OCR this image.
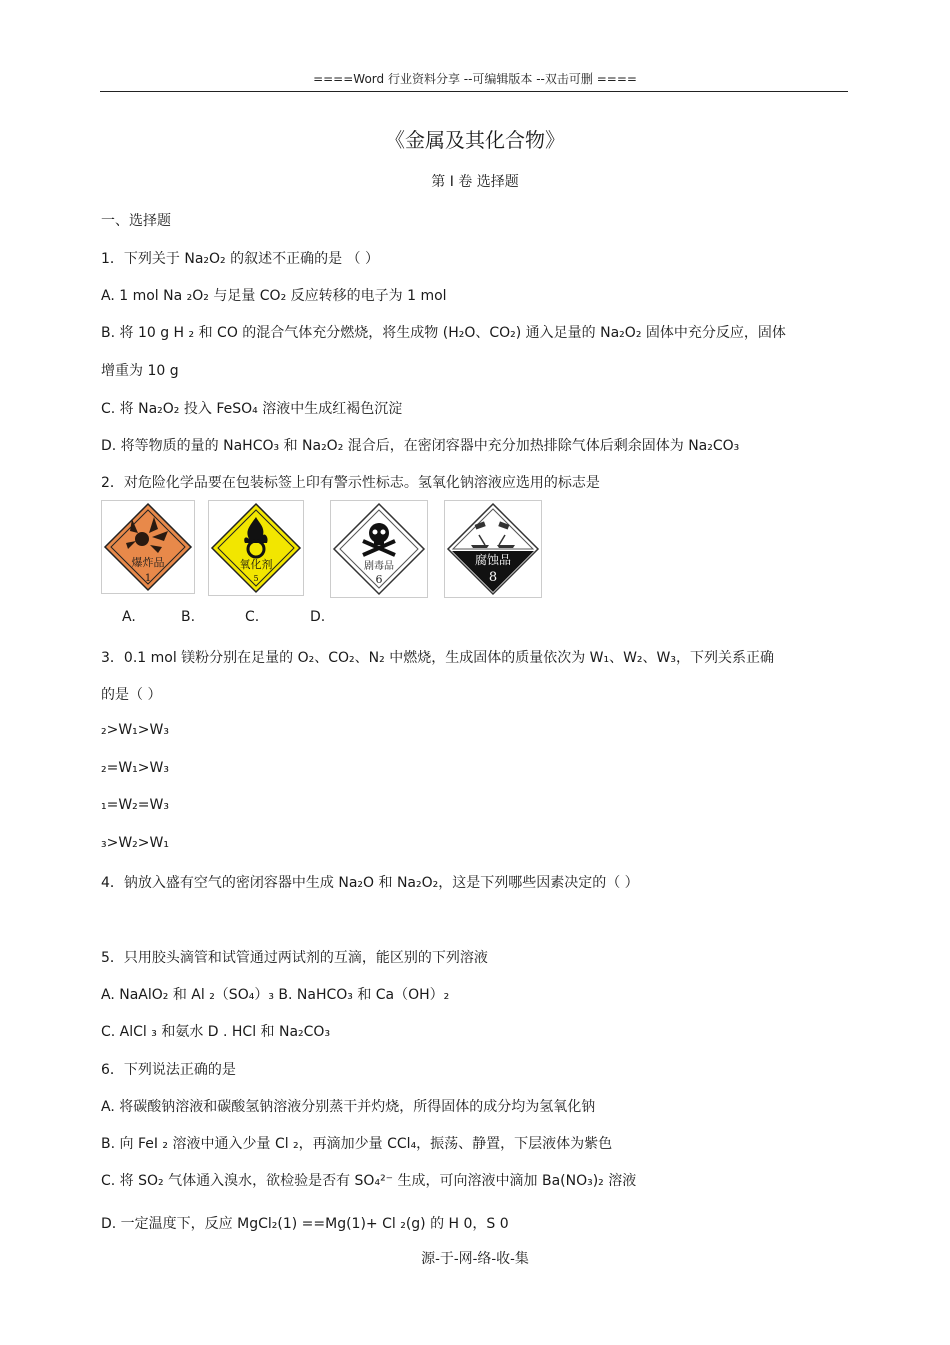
====Word 行业资料分享 --可编辑版本 --双击可删 ====
《金属及其化合物》
第 I 卷 选择题
一、选择题
1．下列关于 Na₂O₂ 的叙述不正确的是 （ ）
A. 1 mol Na ₂O₂ 与足量 CO₂ 反应转移的电子为 1 mol
B. 将 10 g H ₂ 和 CO 的混合气体充分燃烧，将生成物 (H₂O、CO₂) 通入足量的 Na₂O₂ 固体中充分反应，固体
增重为 10 g
C. 将 Na₂O₂ 投入 FeSO₄ 溶液中生成红褐色沉淀
D. 将等物质的量的 NaHCO₃ 和 Na₂O₂ 混合后，在密闭容器中充分加热排除气体后剩余固体为 Na₂CO₃
2．对危险化学品要在包装标签上印有警示性标志。氢氧化钠溶液应选用的标志是
爆炸品
1
氧化剂
5
剧毒品
6
腐蚀品
8
A.	B.	C.	D.
3．0.1 mol 镁粉分别在足量的 O₂、CO₂、N₂ 中燃烧，生成固体的质量依次为 W₁、W₂、W₃，下列关系正确
的是（ ）
₂>W₁>W₃
₂=W₁>W₃
₁=W₂=W₃
₃>W₂>W₁
4．钠放入盛有空气的密闭容器中生成 Na₂O 和 Na₂O₂，这是下列哪些因素决定的（ ）
5．只用胶头滴管和试管通过两试剂的互滴，能区别的下列溶液
A. NaAlO₂ 和 Al ₂（SO₄）₃ B. NaHCO₃ 和 Ca（OH）₂
C. AlCl ₃ 和氨水 D . HCl 和 Na₂CO₃
6．下列说法正确的是
A. 将碳酸钠溶液和碳酸氢钠溶液分别蒸干并灼烧，所得固体的成分均为氢氧化钠
B. 向 FeI ₂ 溶液中通入少量 Cl ₂，再滴加少量 CCl₄，振荡、静置，下层液体为紫色
C. 将 SO₂ 气体通入溴水，欲检验是否有 SO₄²⁻ 生成，可向溶液中滴加 Ba(NO₃)₂ 溶液
D. 一定温度下，反应 MgCl₂(1) ==Mg(1)+ Cl ₂(g) 的 H 0，S 0
源-于-网-络-收-集
